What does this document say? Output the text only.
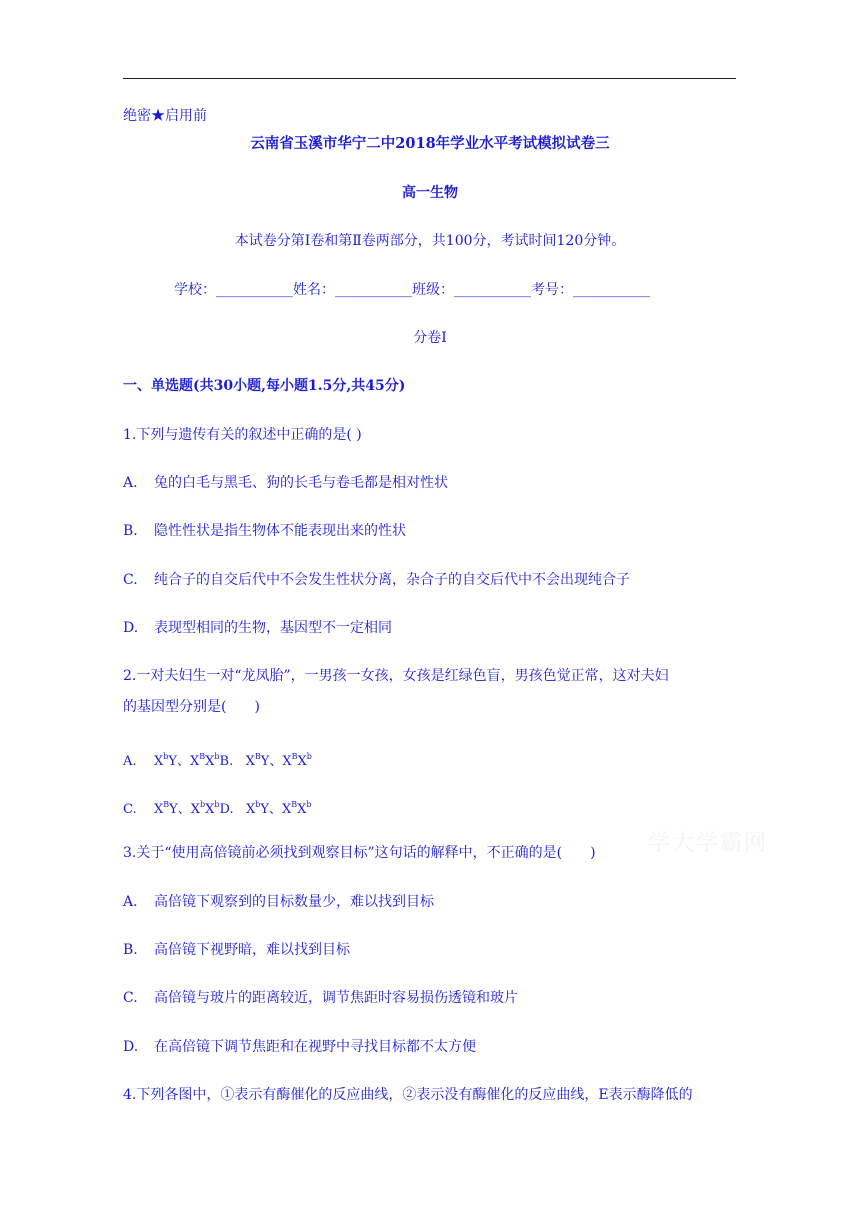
绝密★启用前
云南省玉溪市华宁二中2018年学业水平考试模拟试卷三
高一生物
本试卷分第Ⅰ卷和第Ⅱ卷两部分，共100分，考试时间120分钟。
学校：___________姓名：___________班级：___________考号：___________
分卷I
一、单选题(共30小题,每小题1.5分,共45分)
1.下列与遗传有关的叙述中正确的是( )
A. 兔的白毛与黑毛、狗的长毛与卷毛都是相对性状
B. 隐性性状是指生物体不能表现出来的性状
C. 纯合子的自交后代中不会发生性状分离，杂合子的自交后代中不会出现纯合子
D. 表现型相同的生物，基因型不一定相同
2.一对夫妇生一对“龙凤胎”，一男孩一女孩，女孩是红绿色盲，男孩色觉正常，这对夫妇
的基因型分别是(　　)
A. $X^bY$、$X^BX^bB$. $X^BY$、$X^BX^b$
C. $X^BY$、$X^bX^bD$. $X^bY$、$X^BX^b$
学大学霸网
3.关于“使用高倍镜前必须找到观察目标”这句话的解释中，不正确的是(　　)
A. 高倍镜下观察到的目标数量少，难以找到目标
B. 高倍镜下视野暗，难以找到目标
C. 高倍镜与玻片的距离较近，调节焦距时容易损伤透镜和玻片
D. 在高倍镜下调节焦距和在视野中寻找目标都不太方便
4.下列各图中，①表示有酶催化的反应曲线，②表示没有酶催化的反应曲线，E表示酶降低的
